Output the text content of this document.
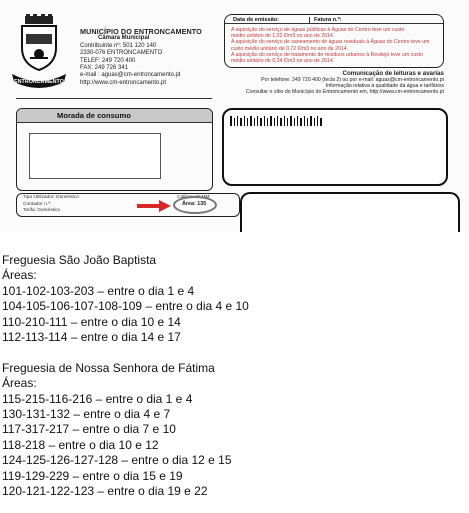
ENTRONCAMENTO
MUNICÍPIO DO ENTRONCAMENTO
Câmara Municipal
Contribuinte nº: 501 120 140
2330-076 ENTRONCAMENTO
TELEF: 249 720 400
FAX: 249 726 341
e-mail : aguas@cm-entroncamento.pt
http://www.cm-entroncamento.pt
Data de emissão:	Fatura n.º:
A aquisição do serviço de águas públicas à Águas do Centro teve um custo
médio unitário de 1,02 €/m3 no ano de 2014.
A aquisição do serviço de saneamento de águas residuais à Águas do Centro teve um
custo médio unitário de 0,72 €/m3 no ano de 2014.
A aquisição do serviço de tratamento de resíduos urbanos à Resitejo teve um custo
médio unitário de 0,34 €/m3 no ano de 2014.
Comunicação de leituras e avarias
Por telefone: 249 720 400 (tecla 2) ou por e-mail: aguas@cm-entroncamento.pt
Informação relativa à qualidade da água e tarifários
Consultar o sítio do Município do Entroncamento em, http://www.cm-entroncamento.pt
Morada de consumo
Tipo Utilizador: Doméstico
Contador n.º:
Tarifa: Doméstico
Calibre: 15 MM
Área: 135
Freguesia São João Baptista
Áreas:
101-102-103-203 – entre o dia 1 e 4
104-105-106-107-108-109 – entre o dia 4 e 10
110-210-111 – entre o dia 10 e 14
112-113-114 – entre o dia 14 e 17
Freguesia de Nossa Senhora de Fátima
Áreas:
115-215-116-216 – entre o dia 1 e 4
130-131-132 – entre o dia 4 e 7
117-317-217 – entre o dia 7 e 10
118-218 – entre o dia 10 e 12
124-125-126-127-128 – entre o dia 12 e 15
119-129-229 – entre o dia 15 e 19
120-121-122-123 – entre o dia 19 e 22
